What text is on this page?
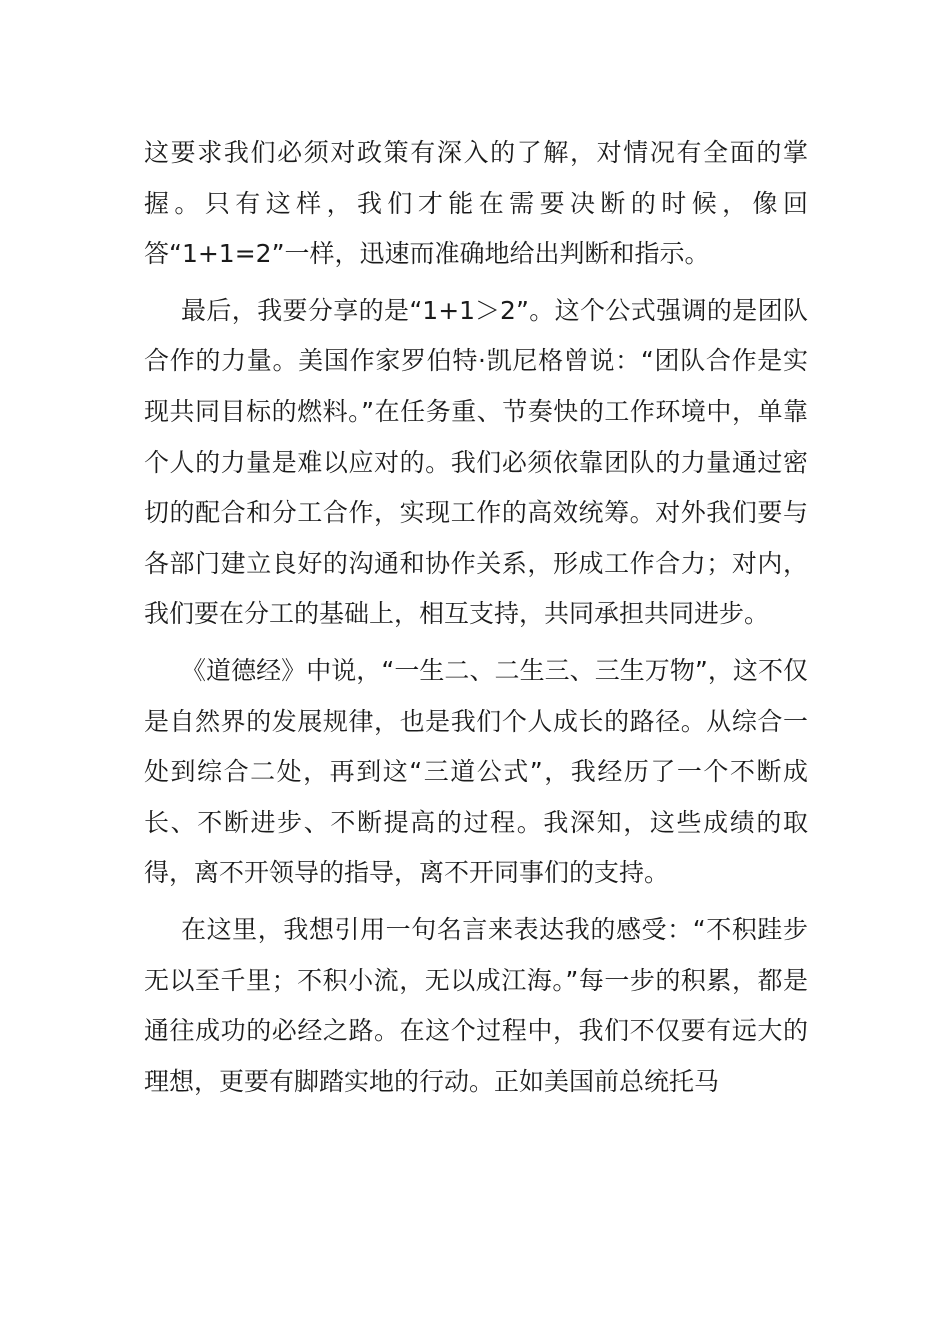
这要求我们必须对政策有深入的了解，对情况有全面的掌握。只有这样，我们才能在需要决断的时候，像回答“1+1=2”一样，迅速而准确地给出判断和指示。

最后，我要分享的是“1+1＞2”。这个公式强调的是团队合作的力量。美国作家罗伯特·凯尼格曾说：“团队合作是实现共同目标的燃料。”在任务重、节奏快的工作环境中，单靠个人的力量是难以应对的。我们必须依靠团队的力量通过密切的配合和分工合作，实现工作的高效统筹。对外我们要与各部门建立良好的沟通和协作关系，形成工作合力；对内，我们要在分工的基础上，相互支持，共同承担共同进步。

《道德经》中说，“一生二、二生三、三生万物”，这不仅是自然界的发展规律，也是我们个人成长的路径。从综合一处到综合二处，再到这“三道公式”，我经历了一个不断成长、不断进步、不断提高的过程。我深知，这些成绩的取得，离不开领导的指导，离不开同事们的支持。

在这里，我想引用一句名言来表达我的感受：“不积跬步无以至千里；不积小流，无以成江海。”每一步的积累，都是通往成功的必经之路。在这个过程中，我们不仅要有远大的理想，更要有脚踏实地的行动。正如美国前总统托马
